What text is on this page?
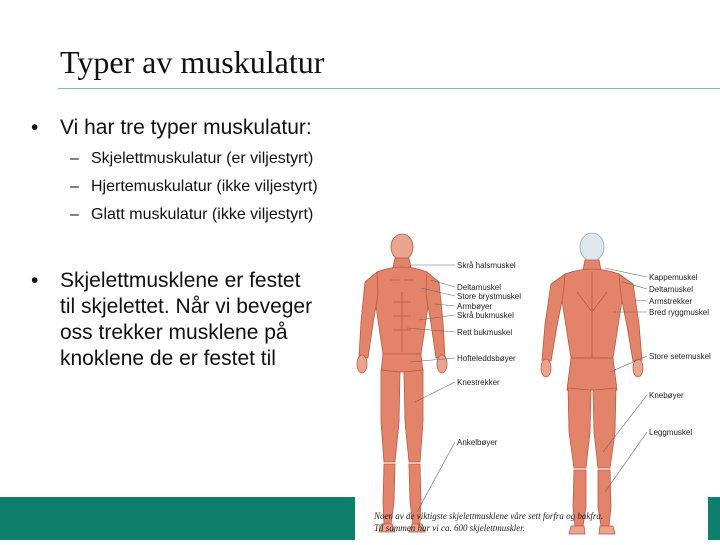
Typer av muskulatur
• Vi har tre typer muskulatur:
– Skjelettmuskulatur (er viljestyrt)
– Hjertemuskulatur (ikke viljestyrt)
– Glatt muskulatur (ikke viljestyrt)
• Skjelettmusklene er festet
til skjelettet. Når vi beveger
oss trekker musklene på
knoklene de er festet til
Skrå halsmuskel
Deltamuskel
Store brystmuskel
Armbøyer
Skrå bukmuskel
Rett bukmuskel
Hofteleddsbøyer
Knestrekker
Ankelbøyer
Kappemuskel
Deltamuskel
Armstrekker
Bred ryggmuskel
Store setemuskel
Knebøyer
Leggmuskel
Noen av de viktigste skjelettmusklene våre sett forfra og bakfra.
Til sammen har vi ca. 600 skjelettmuskler.
